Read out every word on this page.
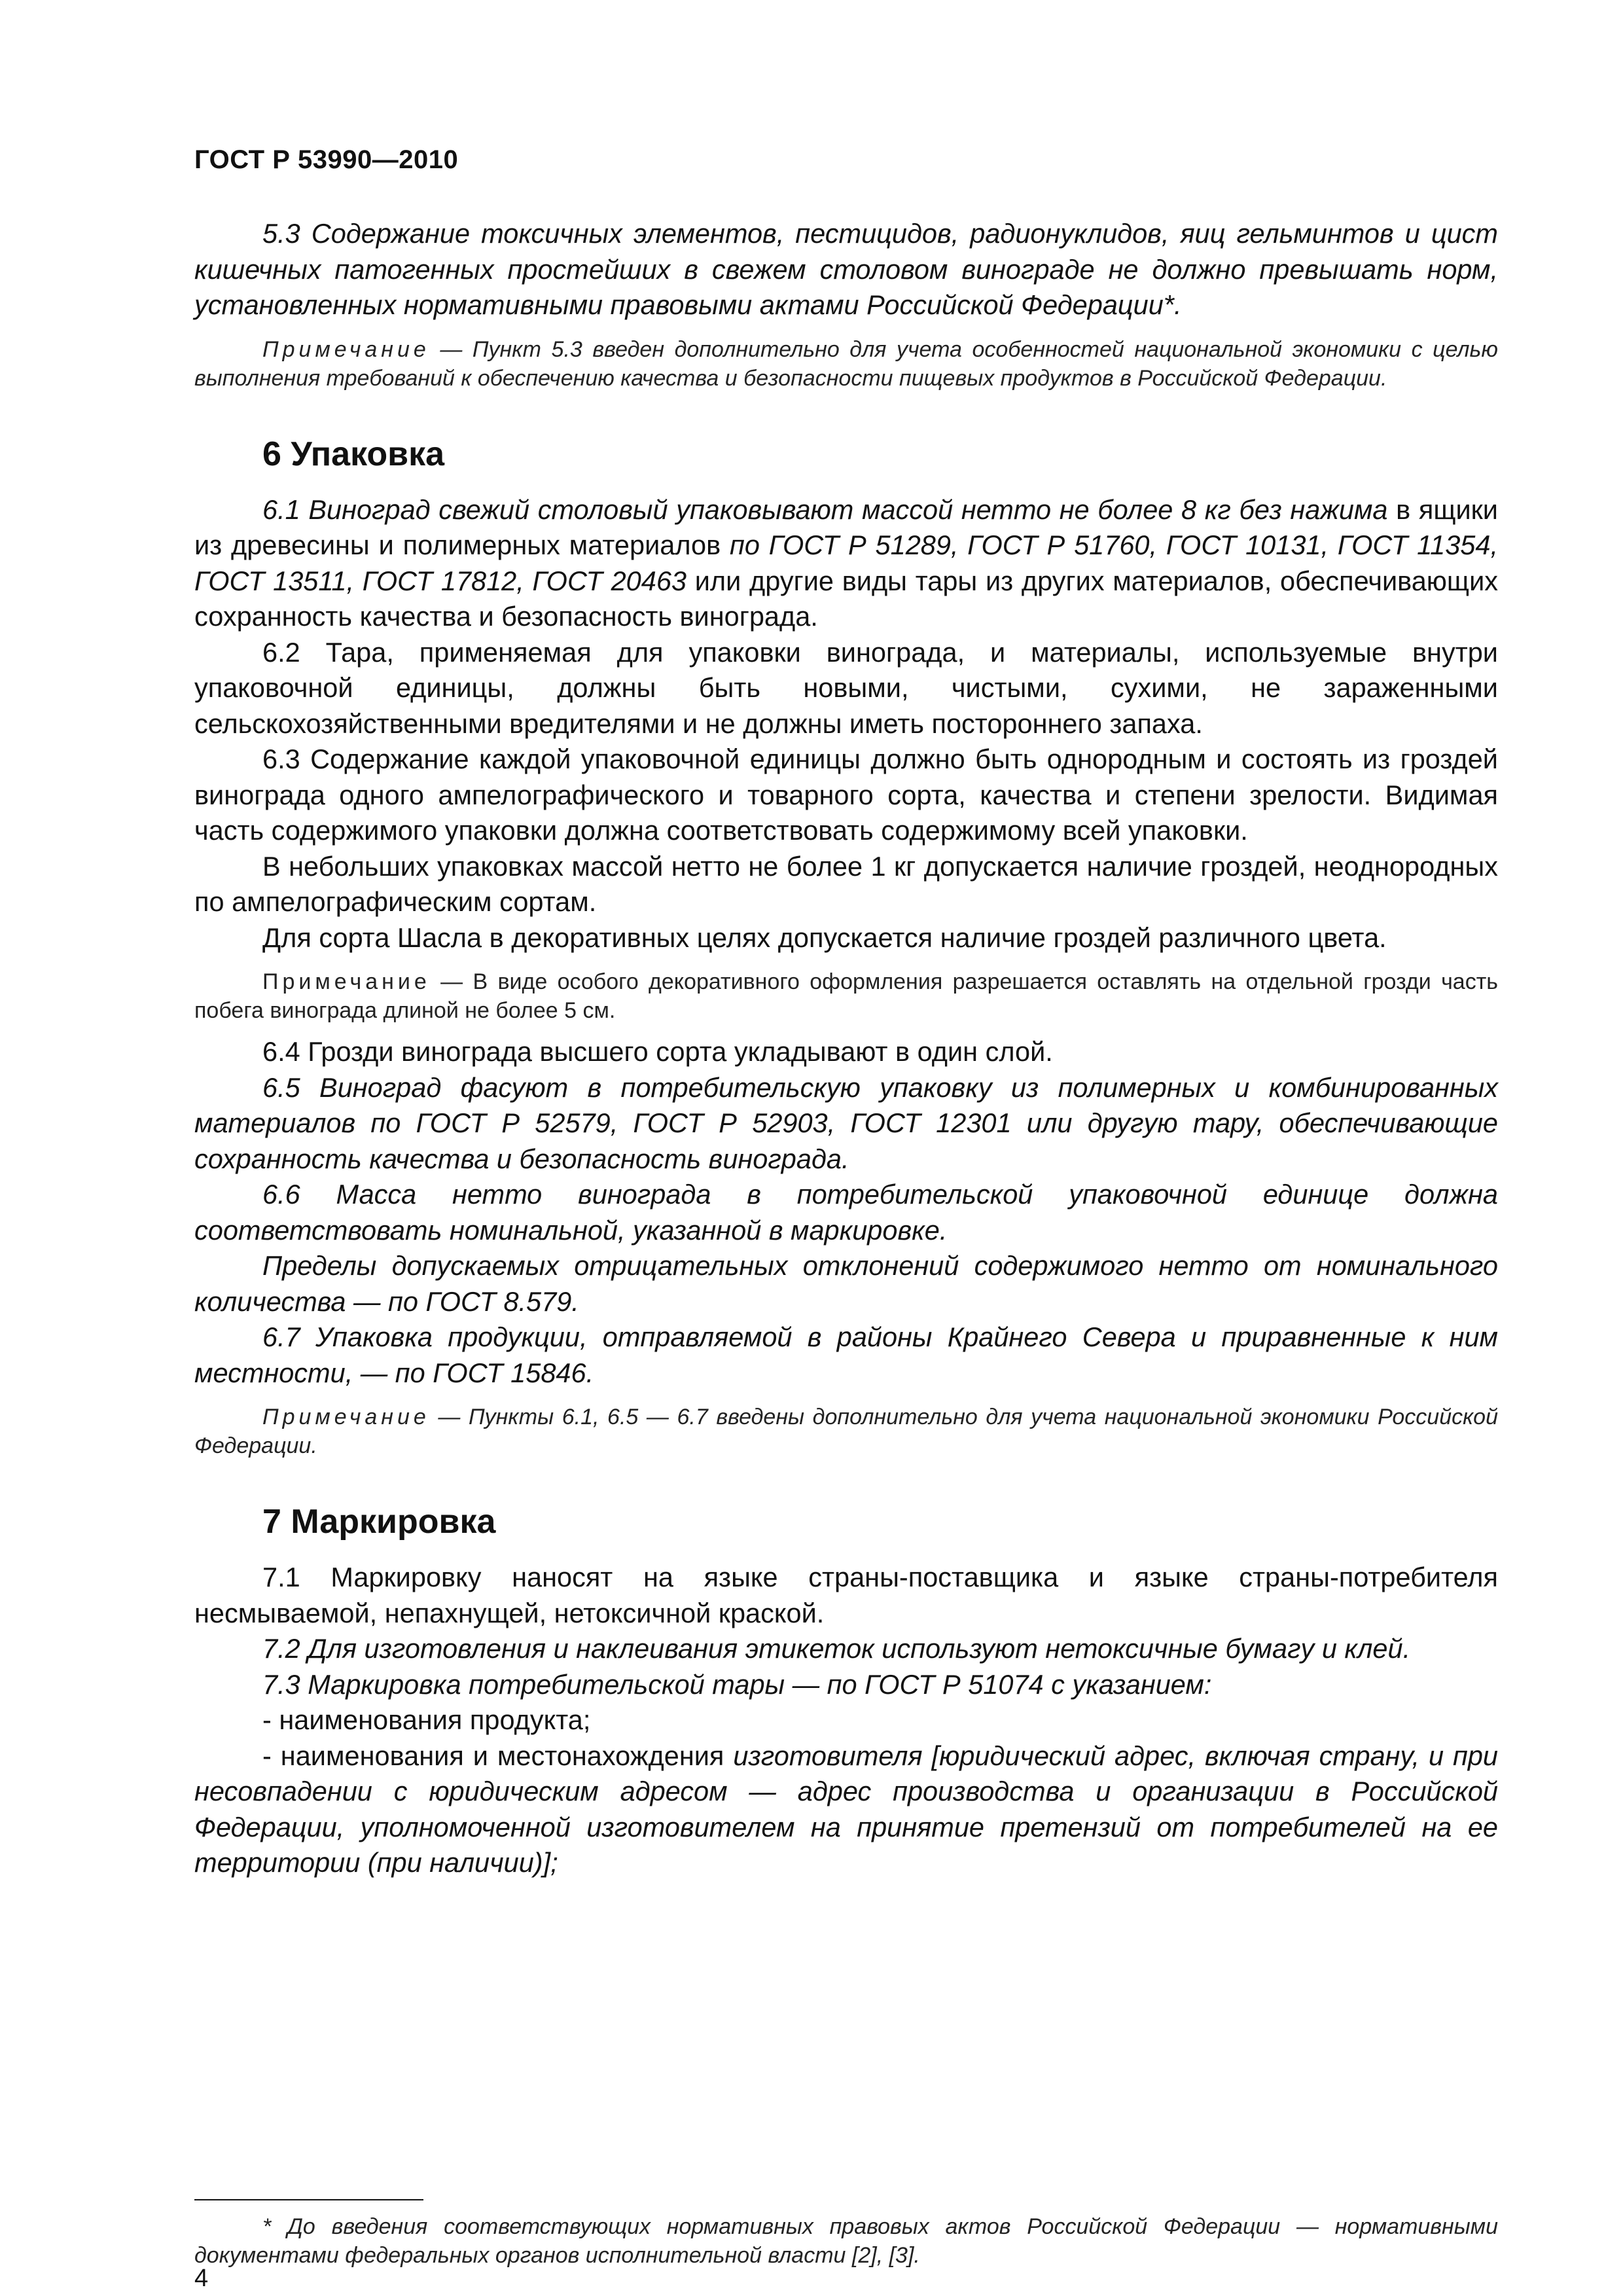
ГОСТ Р 53990—2010

5.3 Содержание токсичных элементов, пестицидов, радионуклидов, яиц гельминтов и цист кишечных патогенных простейших в свежем столовом винограде не должно превышать норм, установленных нормативными правовыми актами Российской Федерации*.

Примечание — Пункт 5.3 введен дополнительно для учета особенностей национальной экономики с целью выполнения требований к обеспечению качества и безопасности пищевых продуктов в Российской Федерации.

6 Упаковка

6.1 Виноград свежий столовый упаковывают массой нетто не более 8 кг без нажима в ящики из древесины и полимерных материалов по ГОСТ Р 51289, ГОСТ Р 51760, ГОСТ 10131, ГОСТ 11354, ГОСТ 13511, ГОСТ 17812, ГОСТ 20463 или другие виды тары из других материалов, обеспечивающих сохранность качества и безопасность винограда.

6.2 Тара, применяемая для упаковки винограда, и материалы, используемые внутри упаковочной единицы, должны быть новыми, чистыми, сухими, не зараженными сельскохозяйственными вредителями и не должны иметь постороннего запаха.

6.3 Содержание каждой упаковочной единицы должно быть однородным и состоять из гроздей винограда одного ампелографического и товарного сорта, качества и степени зрелости. Видимая часть содержимого упаковки должна соответствовать содержимому всей упаковки.

В небольших упаковках массой нетто не более 1 кг допускается наличие гроздей, неоднородных по ампелографическим сортам.

Для сорта Шасла в декоративных целях допускается наличие гроздей различного цвета.

Примечание — В виде особого декоративного оформления разрешается оставлять на отдельной грозди часть побега винограда длиной не более 5 см.

6.4 Грозди винограда высшего сорта укладывают в один слой.

6.5 Виноград фасуют в потребительскую упаковку из полимерных и комбинированных материалов по ГОСТ Р 52579, ГОСТ Р 52903, ГОСТ 12301 или другую тару, обеспечивающие сохранность качества и безопасность винограда.

6.6 Масса нетто винограда в потребительской упаковочной единице должна соответствовать номинальной, указанной в маркировке.

Пределы допускаемых отрицательных отклонений содержимого нетто от номинального количества — по ГОСТ 8.579.

6.7 Упаковка продукции, отправляемой в районы Крайнего Севера и приравненные к ним местности, — по ГОСТ 15846.

Примечание — Пункты 6.1, 6.5 — 6.7 введены дополнительно для учета национальной экономики Российской Федерации.

7 Маркировка

7.1 Маркировку наносят на языке страны-поставщика и языке страны-потребителя несмываемой, непахнущей, нетоксичной краской.

7.2 Для изготовления и наклеивания этикеток используют нетоксичные бумагу и клей.

7.3 Маркировка потребительской тары — по ГОСТ Р 51074 с указанием:

- наименования продукта;

- наименования и местонахождения изготовителя [юридический адрес, включая страну, и при несовпадении с юридическим адресом — адрес производства и организации в Российской Федерации, уполномоченной изготовителем на принятие претензий от потребителей на ее территории (при наличии)];

* До введения соответствующих нормативных правовых актов Российской Федерации — нормативными документами федеральных органов исполнительной власти [2], [3].

4
